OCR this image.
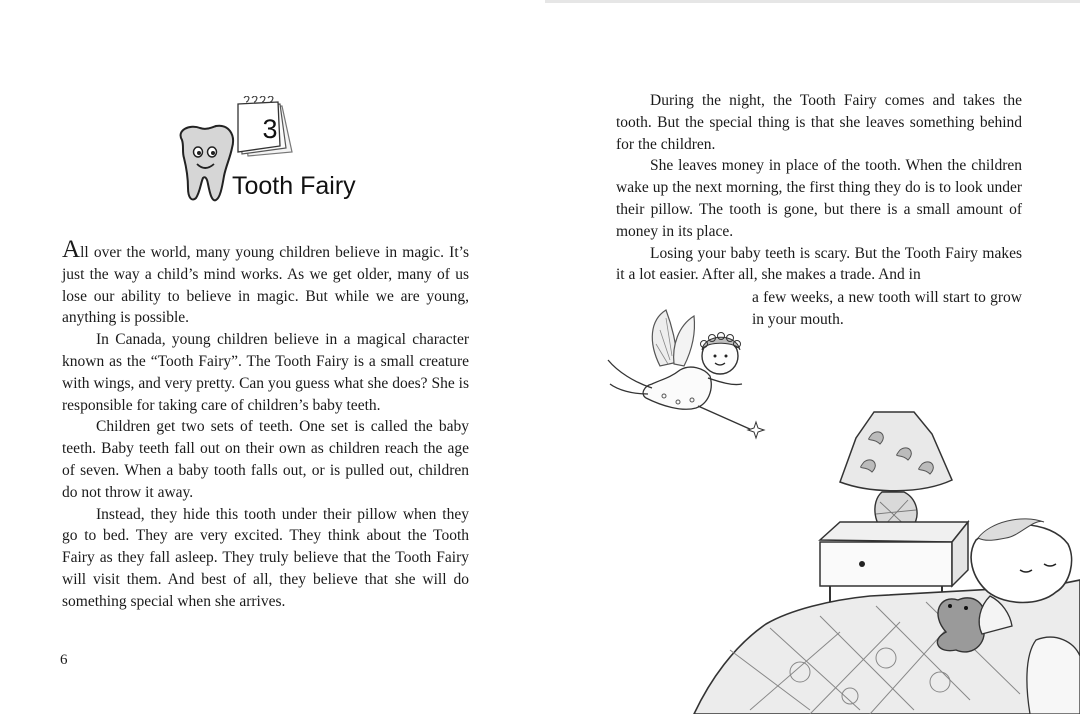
3
Tooth Fairy

All over the world, many young children believe in magic. It’s just the way a child’s mind works. As we get older, many of us lose our ability to believe in magic. But while we are young, anything is possible.

In Canada, young children believe in a magical character known as the “Tooth Fairy”. The Tooth Fairy is a small creature with wings, and very pretty. Can you guess what she does? She is responsible for taking care of children’s baby teeth.

Children get two sets of teeth. One set is called the baby teeth. Baby teeth fall out on their own as children reach the age of seven. When a baby tooth falls out, or is pulled out, children do not throw it away.

Instead, they hide this tooth under their pillow when they go to bed. They are very excited. They think about the Tooth Fairy as they fall asleep. They truly believe that the Tooth Fairy will visit them. And best of all, they believe that she will do something special when she arrives.

6

During the night, the Tooth Fairy comes and takes the tooth. But the special thing is that she leaves something behind for the children.

She leaves money in place of the tooth. When the children wake up the next morning, the first thing they do is to look under their pillow. The tooth is gone, but there is a small amount of money in its place.

Losing your baby teeth is scary. But the Tooth Fairy makes it a lot easier. After all, she makes a trade. And in

a few weeks, a new tooth will start to grow in your mouth.
